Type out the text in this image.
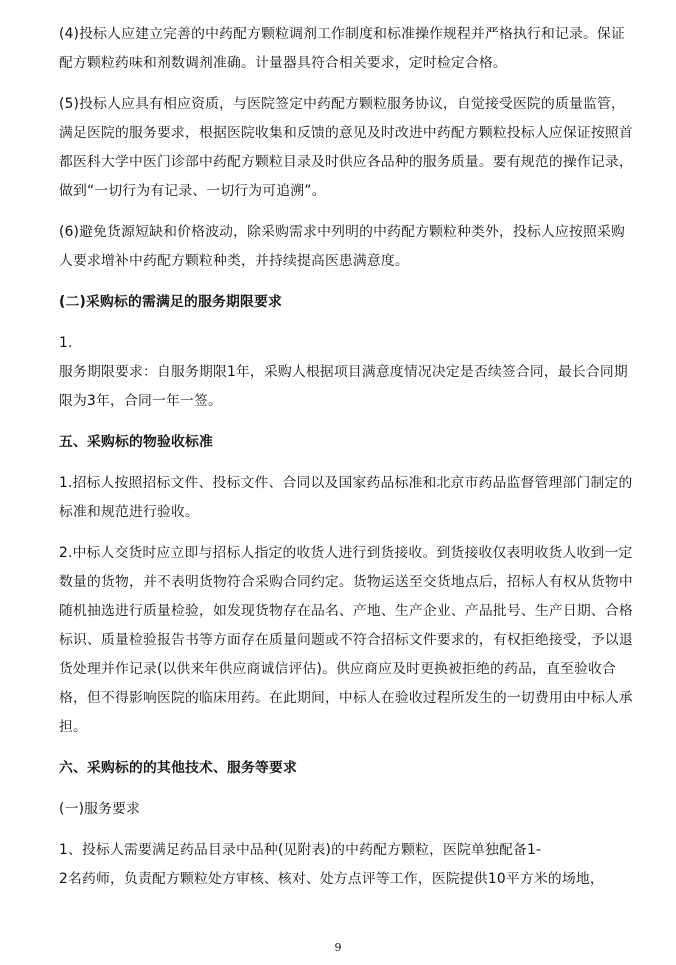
(4)投标人应建立完善的中药配方颗粒调剂工作制度和标准操作规程并严格执行和记录。保证配方颗粒药味和剂数调剂准确。计量器具符合相关要求，定时检定合格。

(5)投标人应具有相应资质，与医院签定中药配方颗粒服务协议，自觉接受医院的质量监管，满足医院的服务要求，根据医院收集和反馈的意见及时改进中药配方颗粒投标人应保证按照首都医科大学中医门诊部中药配方颗粒目录及时供应各品种的服务质量。要有规范的操作记录，做到“一切行为有记录、一切行为可追溯”。

(6)避免货源短缺和价格波动，除采购需求中列明的中药配方颗粒种类外，投标人应按照采购人要求增补中药配方颗粒种类，并持续提高医患满意度。

(二)采购标的需满足的服务期限要求

1.

服务期限要求：自服务期限1年，采购人根据项目满意度情况决定是否续签合同，最长合同期限为3年，合同一年一签。

五、采购标的物验收标准

1.招标人按照招标文件、投标文件、合同以及国家药品标准和北京市药品监督管理部门制定的标准和规范进行验收。

2.中标人交货时应立即与招标人指定的收货人进行到货接收。到货接收仅表明收货人收到一定数量的货物，并不表明货物符合采购合同约定。货物运送至交货地点后，招标人有权从货物中随机抽选进行质量检验，如发现货物存在品名、产地、生产企业、产品批号、生产日期、合格标识、质量检验报告书等方面存在质量问题或不符合招标文件要求的，有权拒绝接受，予以退货处理并作记录(以供来年供应商诚信评估)。供应商应及时更换被拒绝的药品，直至验收合格，但不得影响医院的临床用药。在此期间，中标人在验收过程所发生的一切费用由中标人承担。

六、采购标的的其他技术、服务等要求

(一)服务要求

1、投标人需要满足药品目录中品种(见附表)的中药配方颗粒，医院单独配备1-

2名药师，负责配方颗粒处方审核、核对、处方点评等工作，医院提供10平方米的场地，

9
